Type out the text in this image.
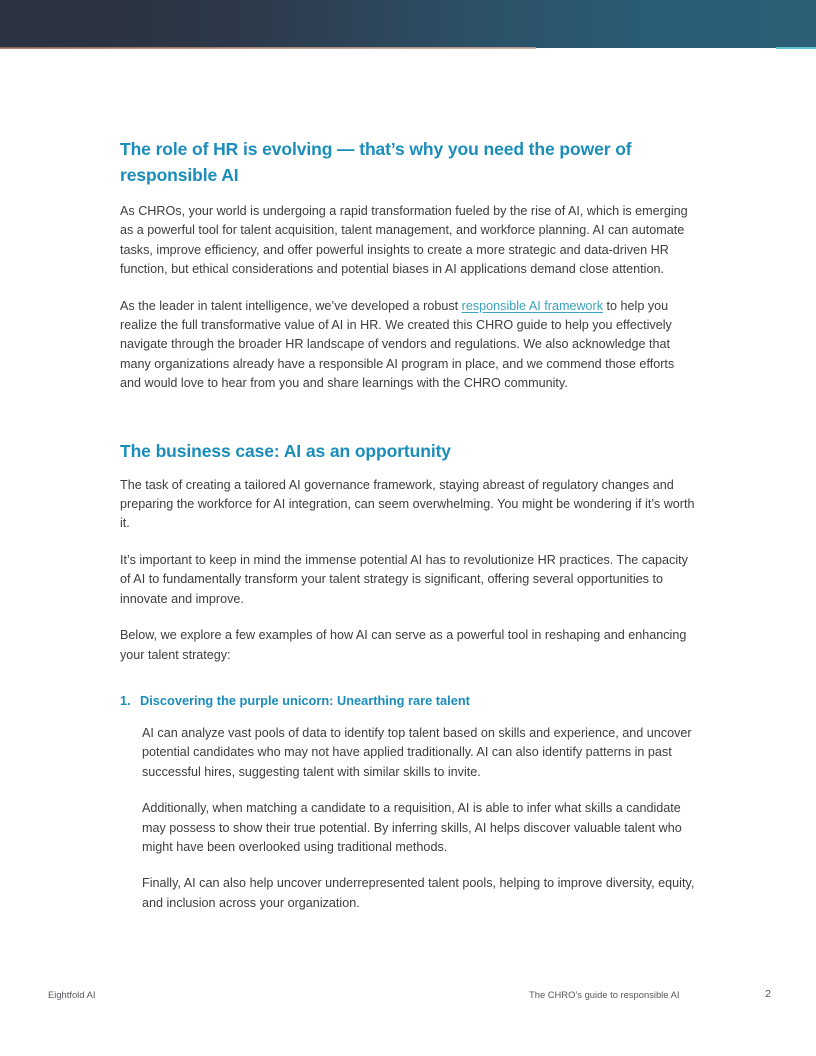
The role of HR is evolving — that’s why you need the power of responsible AI

As CHROs, your world is undergoing a rapid transformation fueled by the rise of AI, which is emerging as a powerful tool for talent acquisition, talent management, and workforce planning. AI can automate tasks, improve efficiency, and offer powerful insights to create a more strategic and data-driven HR function, but ethical considerations and potential biases in AI applications demand close attention.

As the leader in talent intelligence, we’ve developed a robust responsible AI framework to help you realize the full transformative value of AI in HR. We created this CHRO guide to help you effectively navigate through the broader HR landscape of vendors and regulations. We also acknowledge that many organizations already have a responsible AI program in place, and we commend those efforts and would love to hear from you and share learnings with the CHRO community.

The business case: AI as an opportunity

The task of creating a tailored AI governance framework, staying abreast of regulatory changes and preparing the workforce for AI integration, can seem overwhelming. You might be wondering if it’s worth it.

It’s important to keep in mind the immense potential AI has to revolutionize HR practices. The capacity of AI to fundamentally transform your talent strategy is significant, offering several opportunities to innovate and improve.

Below, we explore a few examples of how AI can serve as a powerful tool in reshaping and enhancing your talent strategy:

1. Discovering the purple unicorn: Unearthing rare talent

AI can analyze vast pools of data to identify top talent based on skills and experience, and uncover potential candidates who may not have applied traditionally. AI can also identify patterns in past successful hires, suggesting talent with similar skills to invite.

Additionally, when matching a candidate to a requisition, AI is able to infer what skills a candidate may possess to show their true potential. By inferring skills, AI helps discover valuable talent who might have been overlooked using traditional methods.

Finally, AI can also help uncover underrepresented talent pools, helping to improve diversity, equity, and inclusion across your organization.

Eightfold AI	The CHRO’s guide to responsible AI	2
